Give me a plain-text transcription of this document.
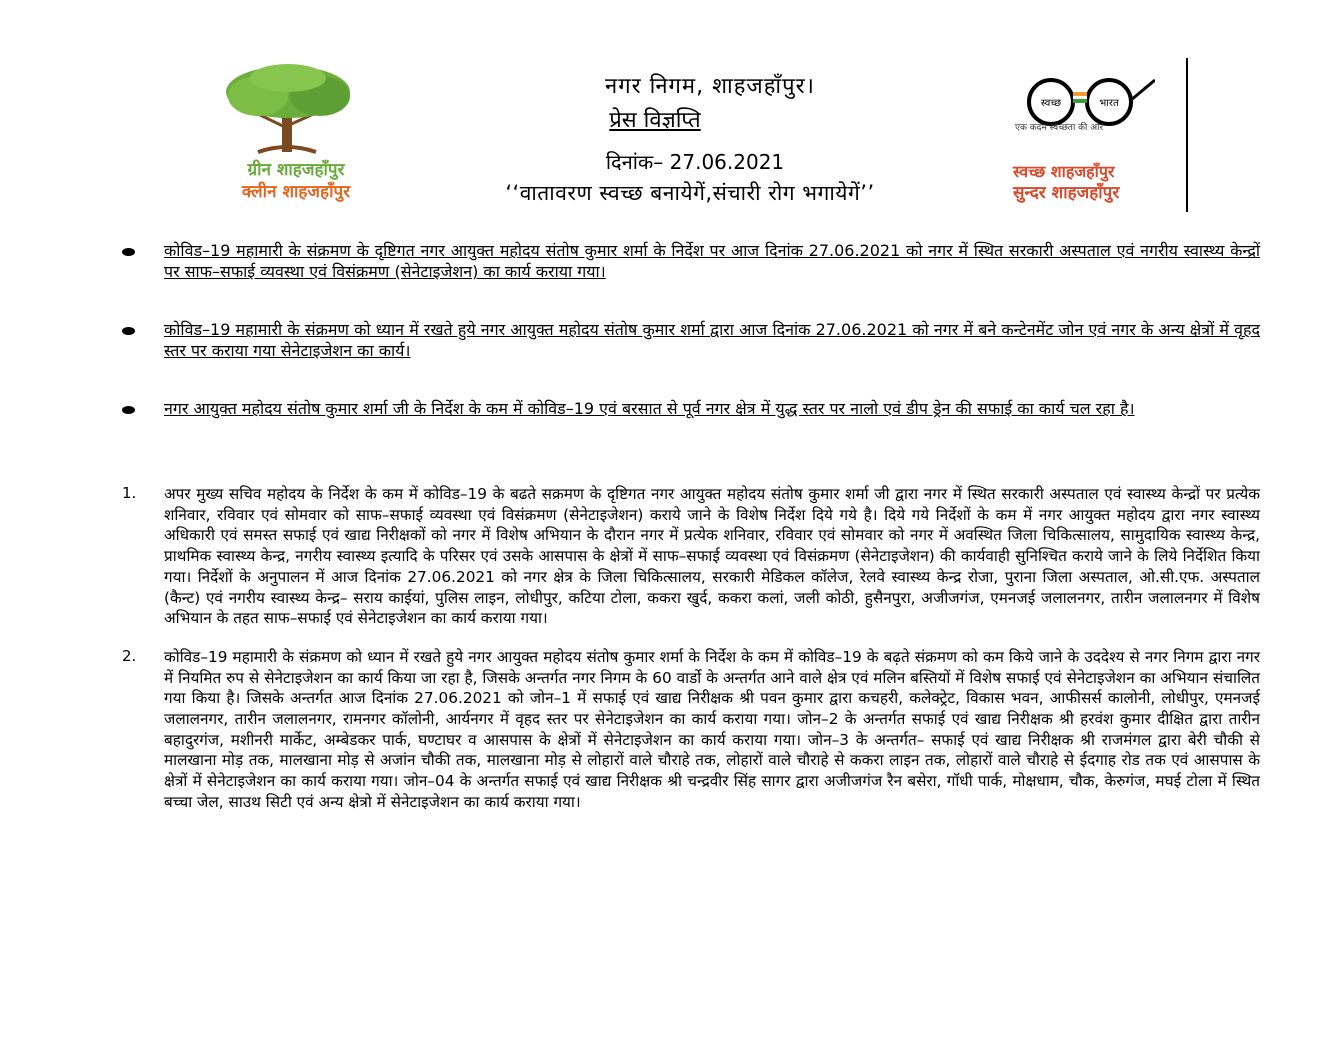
ग्रीन शाहजहाँपुर
क्लीन शाहजहाँपुर
नगर निगम, शाहजहाँपुर।
प्रेस विज्ञप्ति
दिनांक– 27.06.2021
‘‘वातावरण स्वच्छ बनायेगें,संचारी रोग भगायेगें’’
स्वच्छ	भारत
एक कदम स्वच्छता की ओर
स्वच्छ शाहजहाँपुर
सुन्दर शाहजहाँपुर
कोविड–19 महामारी के संक्रमण के दृष्टिगत नगर आयुक्त महोदय संतोष कुमार शर्मा के निर्देश पर आज दिनांक 27.06.2021 को नगर में स्थित सरकारी अस्पताल एवं नगरीय स्वास्थ्य केन्द्रों पर साफ–सफाई व्यवस्था एवं विसंक्रमण (सेनेटाइजेशन) का कार्य कराया गया।
कोविड–19 महामारी के संक्रमण को ध्यान में रखते हुये नगर आयुक्त महोदय संतोष कुमार शर्मा द्वारा आज दिनांक 27.06.2021 को नगर में बने कन्टेनमेंट जोन एवं नगर के अन्य क्षेत्रों में वृहद स्तर पर कराया गया सेनेटाइजेशन का कार्य।
नगर आयुक्त महोदय संतोष कुमार शर्मा जी के निर्देश के कम में कोविड–19 एवं बरसात से पूर्व नगर क्षेत्र में युद्ध स्तर पर नालो एवं डीप ड्रेन की सफाई का कार्य चल रहा है।
1. अपर मुख्य सचिव महोदय के निर्देश के कम में कोविड–19 के बढते सक्रमण के दृष्टिगत नगर आयुक्त महोदय संतोष कुमार शर्मा जी द्वारा नगर में स्थित सरकारी अस्पताल एवं स्वास्थ्य केन्द्रों पर प्रत्येक शनिवार, रविवार एवं सोमवार को साफ–सफाई व्यवस्था एवं विसंक्रमण (सेनेटाइजेशन) कराये जाने के विशेष निर्देश दिये गये है। दिये गये निर्देशों के कम में नगर आयुक्त महोदय द्वारा नगर स्वास्थ्य अधिकारी एवं समस्त सफाई एवं खाद्य निरीक्षकों को नगर में विशेष अभियान के दौरान नगर में प्रत्येक शनिवार, रविवार एवं सोमवार को नगर में अवस्थित जिला चिकित्सालय, सामुदायिक स्वास्थ्य केन्द्र, प्राथमिक स्वास्थ्य केन्द्र, नगरीय स्वास्थ्य इत्यादि के परिसर एवं उसके आसपास के क्षेत्रों में साफ–सफाई व्यवस्था एवं विसंक्रमण (सेनेटाइजेशन) की कार्यवाही सुनिश्चित कराये जाने के लिये निर्देशित किया गया। निर्देशों के अनुपालन में आज दिनांक 27.06.2021 को नगर क्षेत्र के जिला चिकित्सालय, सरकारी मेडिकल कॉलेज, रेलवे स्वास्थ्य केन्द्र रोजा, पुराना जिला अस्पताल, ओ.सी.एफ. अस्पताल (कैन्ट) एवं नगरीय स्वास्थ्य केन्द्र– सराय काईयां, पुलिस लाइन, लोधीपुर, कटिया टोला, ककरा खुर्द, ककरा कलां, जली कोठी, हुसैनपुरा, अजीजगंज, एमनजई जलालनगर, तारीन जलालनगर में विशेष अभियान के तहत साफ–सफाई एवं सेनेटाइजेशन का कार्य कराया गया।
2. कोविड–19 महामारी के संक्रमण को ध्यान में रखते हुये नगर आयुक्त महोदय संतोष कुमार शर्मा के निर्देश के कम में कोविड–19 के बढ़ते संक्रमण को कम किये जाने के उददेश्य से नगर निगम द्वारा नगर में नियमित रुप से सेनेटाइजेशन का कार्य किया जा रहा है, जिसके अन्तर्गत नगर निगम के 60 वार्डो के अन्तर्गत आने वाले क्षेत्र एवं मलिन बस्तियों में विशेष सफाई एवं सेनेटाइजेशन का अभियान संचालित गया किया है। जिसके अन्तर्गत आज दिनांक 27.06.2021 को जोन–1 में सफाई एवं खाद्य निरीक्षक श्री पवन कुमार द्वारा कचहरी, कलेक्ट्रेट, विकास भवन, आफीसर्स कालोनी, लोधीपुर, एमनजई जलालनगर, तारीन जलालनगर, रामनगर कॉलोनी, आर्यनगर में वृहद स्तर पर सेनेटाइजेशन का कार्य कराया गया। जोन–2 के अन्तर्गत सफाई एवं खाद्य निरीक्षक श्री हरवंश कुमार दीक्षित द्वारा तारीन बहादुरगंज, मशीनरी मार्केट, अम्बेडकर पार्क, घण्टाघर व आसपास के क्षेत्रों में सेनेटाइजेशन का कार्य कराया गया। जोन–3 के अन्तर्गत– सफाई एवं खाद्य निरीक्षक श्री राजमंगल द्वारा बेरी चौकी से मालखाना मोड़ तक, मालखाना मोड़ से अजांन चौकी तक, मालखाना मोड़ से लोहारों वाले चौराहे तक, लोहारों वाले चौराहे से ककरा लाइन तक, लोहारों वाले चौराहे से ईदगाह रोड तक एवं आसपास के क्षेत्रों में सेनेटाइजेशन का कार्य कराया गया। जोन–04 के अन्तर्गत सफाई एवं खाद्य निरीक्षक श्री चन्द्रवीर सिंह सागर द्वारा अजीजगंज रैन बसेरा, गॉधी पार्क, मोक्षधाम, चौक, केरुगंज, मघई टोला में स्थित बच्चा जेल, साउथ सिटी एवं अन्य क्षेत्रो में सेनेटाइजेशन का कार्य कराया गया।
